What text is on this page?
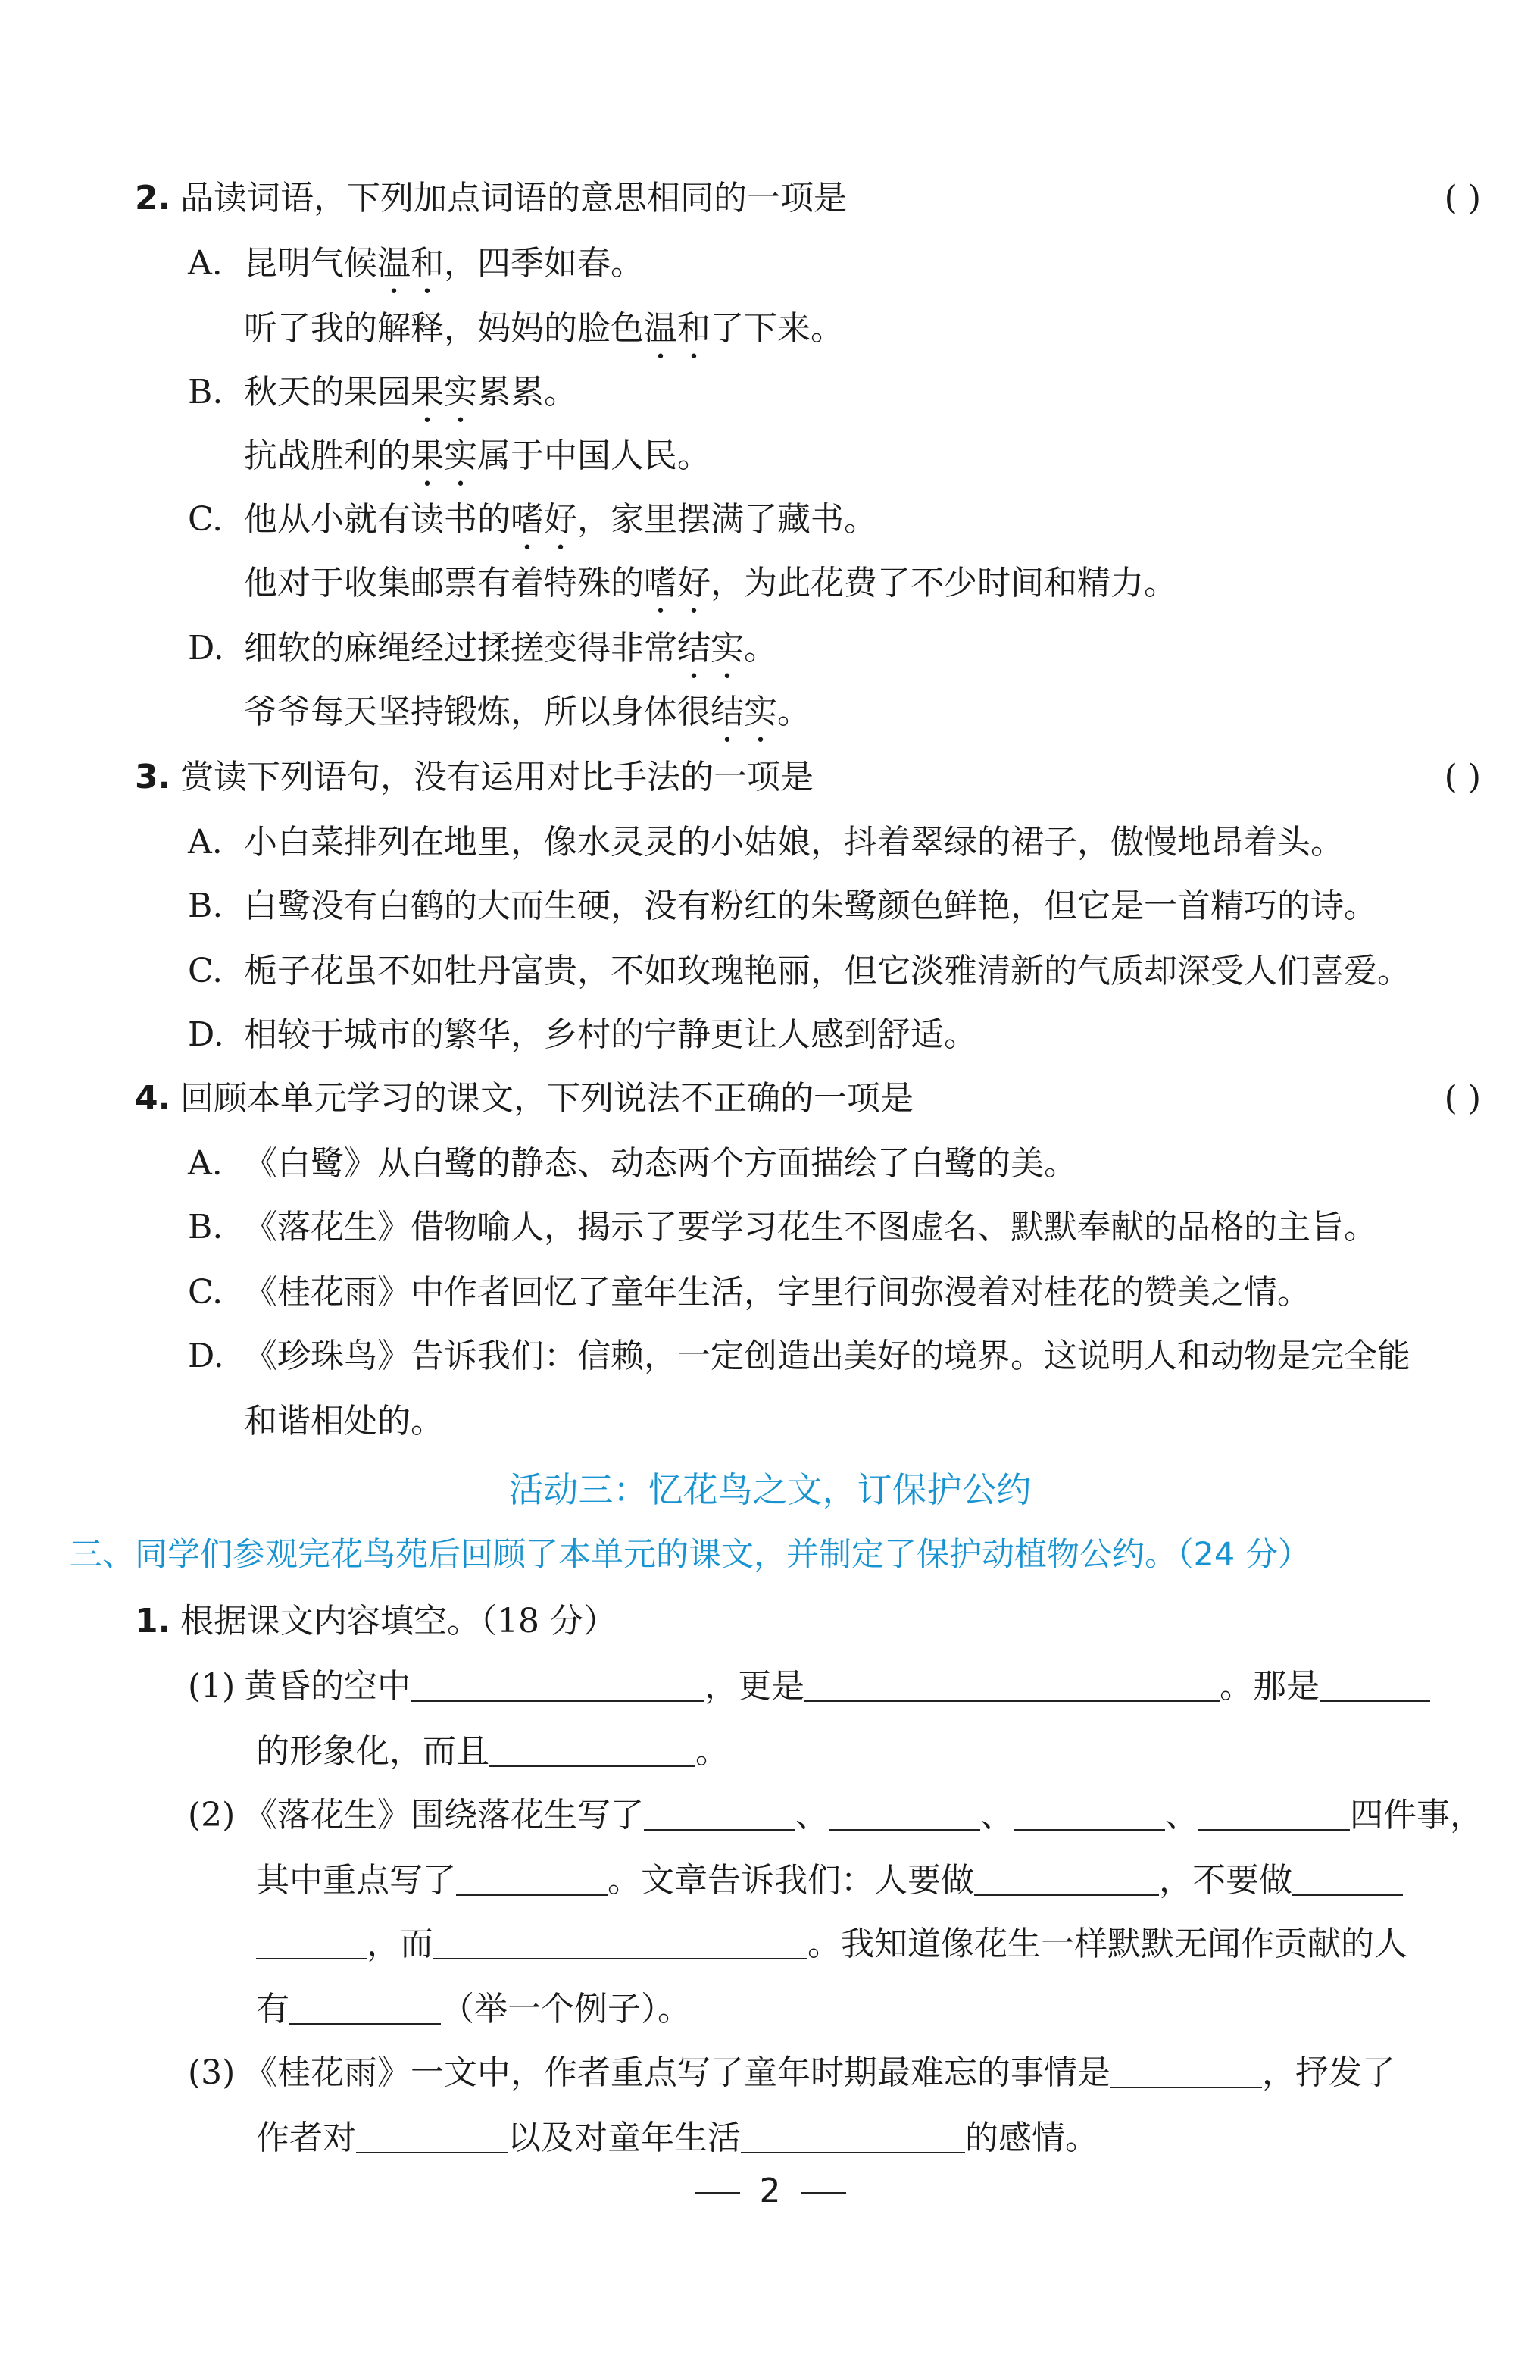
2. 品读词语，下列加点词语的意思相同的一项是	( )
A. 昆明气候温和，四季如春。
听了我的解释，妈妈的脸色温和了下来。
B. 秋天的果园果实累累。
抗战胜利的果实属于中国人民。
C. 他从小就有读书的嗜好，家里摆满了藏书。
他对于收集邮票有着特殊的嗜好，为此花费了不少时间和精力。
D. 细软的麻绳经过揉搓变得非常结实。
爷爷每天坚持锻炼，所以身体很结实。
3. 赏读下列语句，没有运用对比手法的一项是	( )
A. 小白菜排列在地里，像水灵灵的小姑娘，抖着翠绿的裙子，傲慢地昂着头。
B. 白鹭没有白鹤的大而生硬，没有粉红的朱鹭颜色鲜艳，但它是一首精巧的诗。
C. 栀子花虽不如牡丹富贵，不如玫瑰艳丽，但它淡雅清新的气质却深受人们喜爱。
D. 相较于城市的繁华，乡村的宁静更让人感到舒适。
4. 回顾本单元学习的课文，下列说法不正确的一项是	( )
A. 《白鹭》从白鹭的静态、动态两个方面描绘了白鹭的美。
B. 《落花生》借物喻人，揭示了要学习花生不图虚名、默默奉献的品格的主旨。
C. 《桂花雨》中作者回忆了童年生活，字里行间弥漫着对桂花的赞美之情。
D. 《珍珠鸟》告诉我们：信赖，一定创造出美好的境界。这说明人和动物是完全能
和谐相处的。
活动三：忆花鸟之文，订保护公约
三、同学们参观完花鸟苑后回顾了本单元的课文，并制定了保护动植物公约。（24 分）
1. 根据课文内容填空。（18 分）
(1) 黄昏的空中	，更是	。那是
的形象化，而且	。
(2) 《落花生》围绕落花生写了	、	、	、	四件事，
其中重点写了	。文章告诉我们：人要做	，不要做
，而	。我知道像花生一样默默无闻作贡献的人
有	（举一个例子）。
(3) 《桂花雨》一文中，作者重点写了童年时期最难忘的事情是	，抒发了
作者对	以及对童年生活	的感情。
2
